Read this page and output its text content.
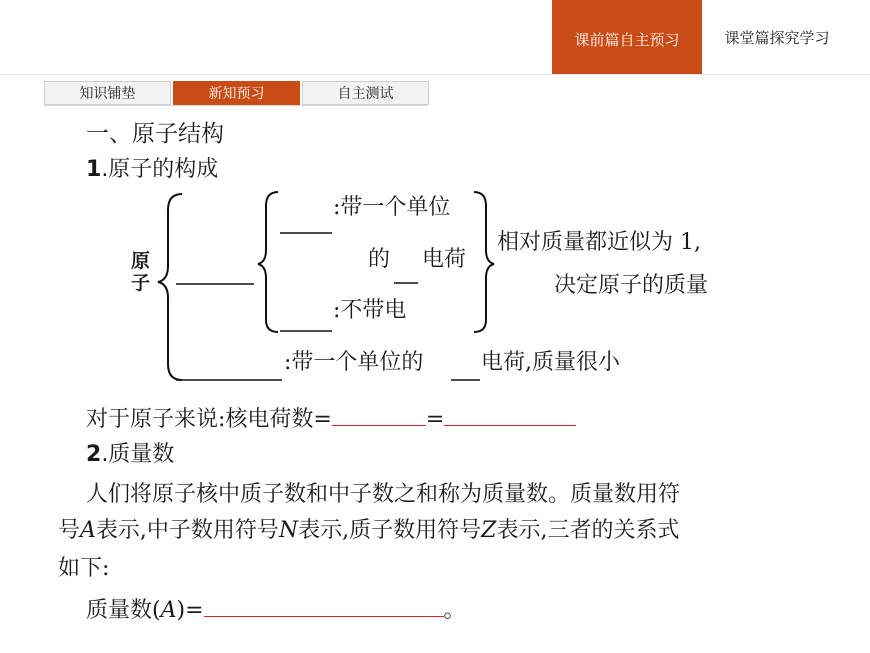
课前篇自主预习	课堂篇探究学习
知识铺垫	新知预习	自主测试
一、原子结构
1.原子的构成
原
子
:带一个单位
的 电荷
:不带电
相对质量都近似为 1,
决定原子的质量
:带一个单位的	电荷,质量很小
对于原子来说:核电荷数=	=
2.质量数
人们将原子核中质子数和中子数之和称为质量数。质量数用符
号A表示,中子数用符号N表示,质子数用符号Z表示,三者的关系式
如下:
质量数(A)=	。
